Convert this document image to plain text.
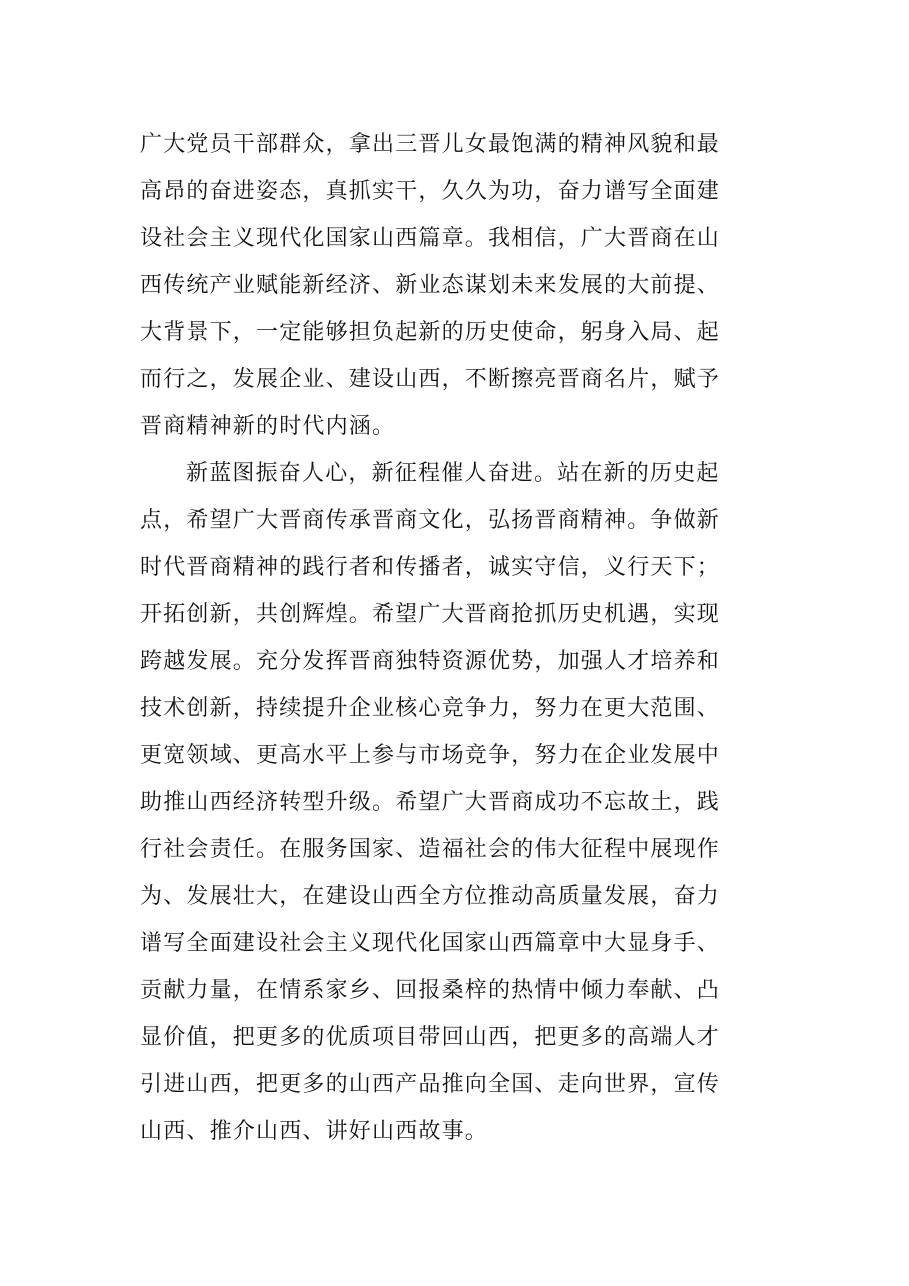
广大党员干部群众，拿出三晋儿女最饱满的精神风貌和最
高昂的奋进姿态，真抓实干，久久为功，奋力谱写全面建
设社会主义现代化国家山西篇章。我相信，广大晋商在山
西传统产业赋能新经济、新业态谋划未来发展的大前提、
大背景下，一定能够担负起新的历史使命，躬身入局、起
而行之，发展企业、建设山西，不断擦亮晋商名片，赋予
晋商精神新的时代内涵。
新蓝图振奋人心，新征程催人奋进。站在新的历史起
点，希望广大晋商传承晋商文化，弘扬晋商精神。争做新
时代晋商精神的践行者和传播者，诚实守信，义行天下；
开拓创新，共创辉煌。希望广大晋商抢抓历史机遇，实现
跨越发展。充分发挥晋商独特资源优势，加强人才培养和
技术创新，持续提升企业核心竞争力，努力在更大范围、
更宽领域、更高水平上参与市场竞争，努力在企业发展中
助推山西经济转型升级。希望广大晋商成功不忘故土，践
行社会责任。在服务国家、造福社会的伟大征程中展现作
为、发展壮大，在建设山西全方位推动高质量发展，奋力
谱写全面建设社会主义现代化国家山西篇章中大显身手、
贡献力量，在情系家乡、回报桑梓的热情中倾力奉献、凸
显价值，把更多的优质项目带回山西，把更多的高端人才
引进山西，把更多的山西产品推向全国、走向世界，宣传
山西、推介山西、讲好山西故事。
